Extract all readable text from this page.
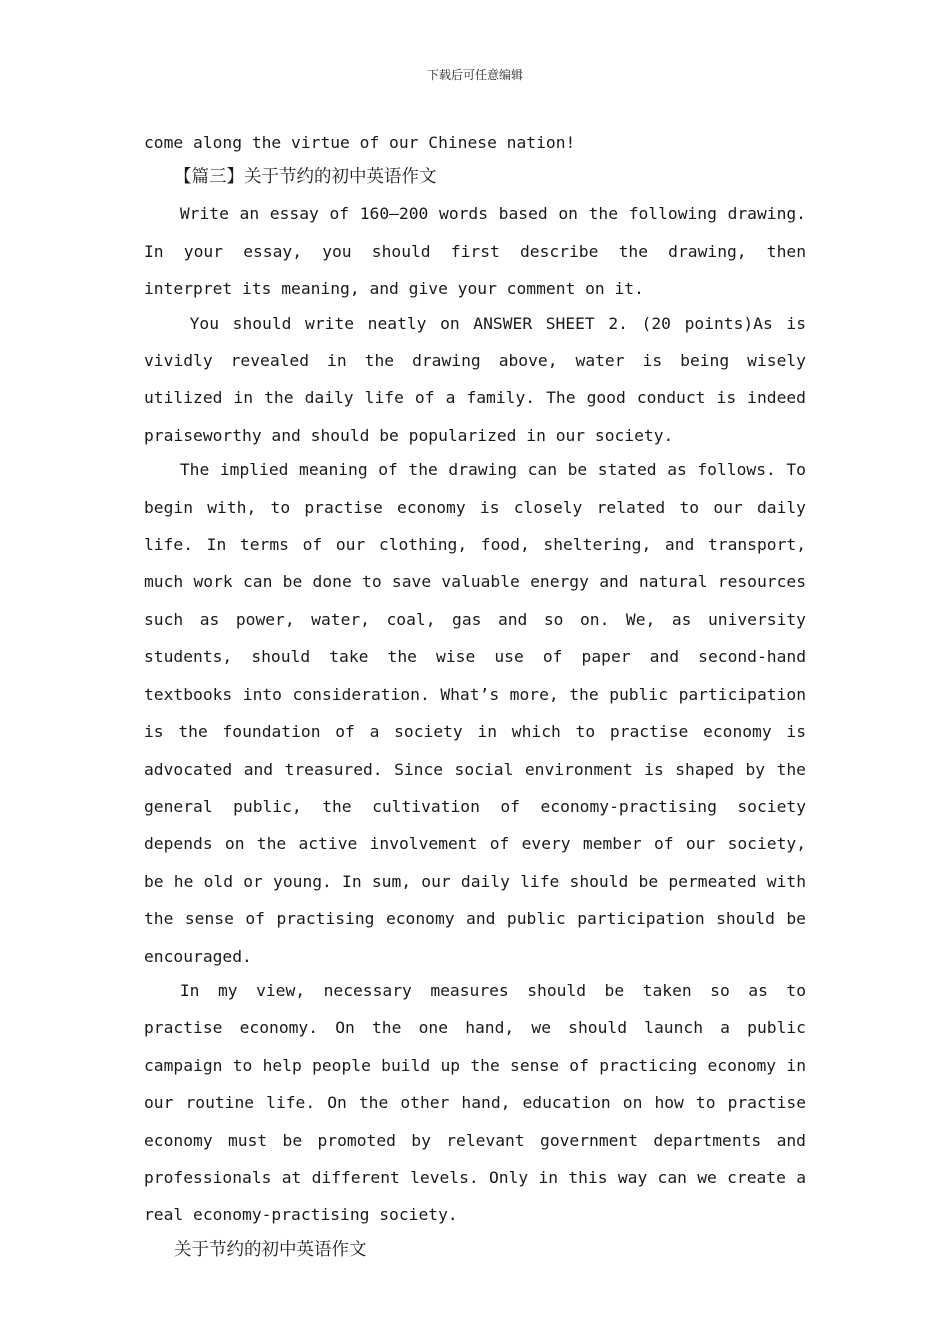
下载后可任意编辑

come along the virtue of our Chinese nation!

【篇三】关于节约的初中英语作文

Write an essay of 160—200 words based on the following drawing. In your essay, you should first describe the drawing, then interpret its meaning, and give your comment on it.

You should write neatly on ANSWER SHEET 2. (20 points)As is vividly revealed in the drawing above, water is being wisely utilized in the daily life of a family. The good conduct is indeed praiseworthy and should be popularized in our society.

The implied meaning of the drawing can be stated as follows. To begin with, to practise economy is closely related to our daily life. In terms of our clothing, food, sheltering, and transport, much work can be done to save valuable energy and natural resources such as power, water, coal, gas and so on. We, as university students, should take the wise use of paper and second-hand textbooks into consideration. What’s more, the public participation is the foundation of a society in which to practise economy is advocated and treasured. Since social environment is shaped by the general public, the cultivation of economy-practising society depends on the active involvement of every member of our society, be he old or young. In sum, our daily life should be permeated with the sense of practising economy and public participation should be encouraged.

In my view, necessary measures should be taken so as to practise economy. On the one hand, we should launch a public campaign to help people build up the sense of practicing economy in our routine life. On the other hand, education on how to practise economy must be promoted by relevant government departments and professionals at different levels. Only in this way can we create a real economy-practising society.

关于节约的初中英语作文
